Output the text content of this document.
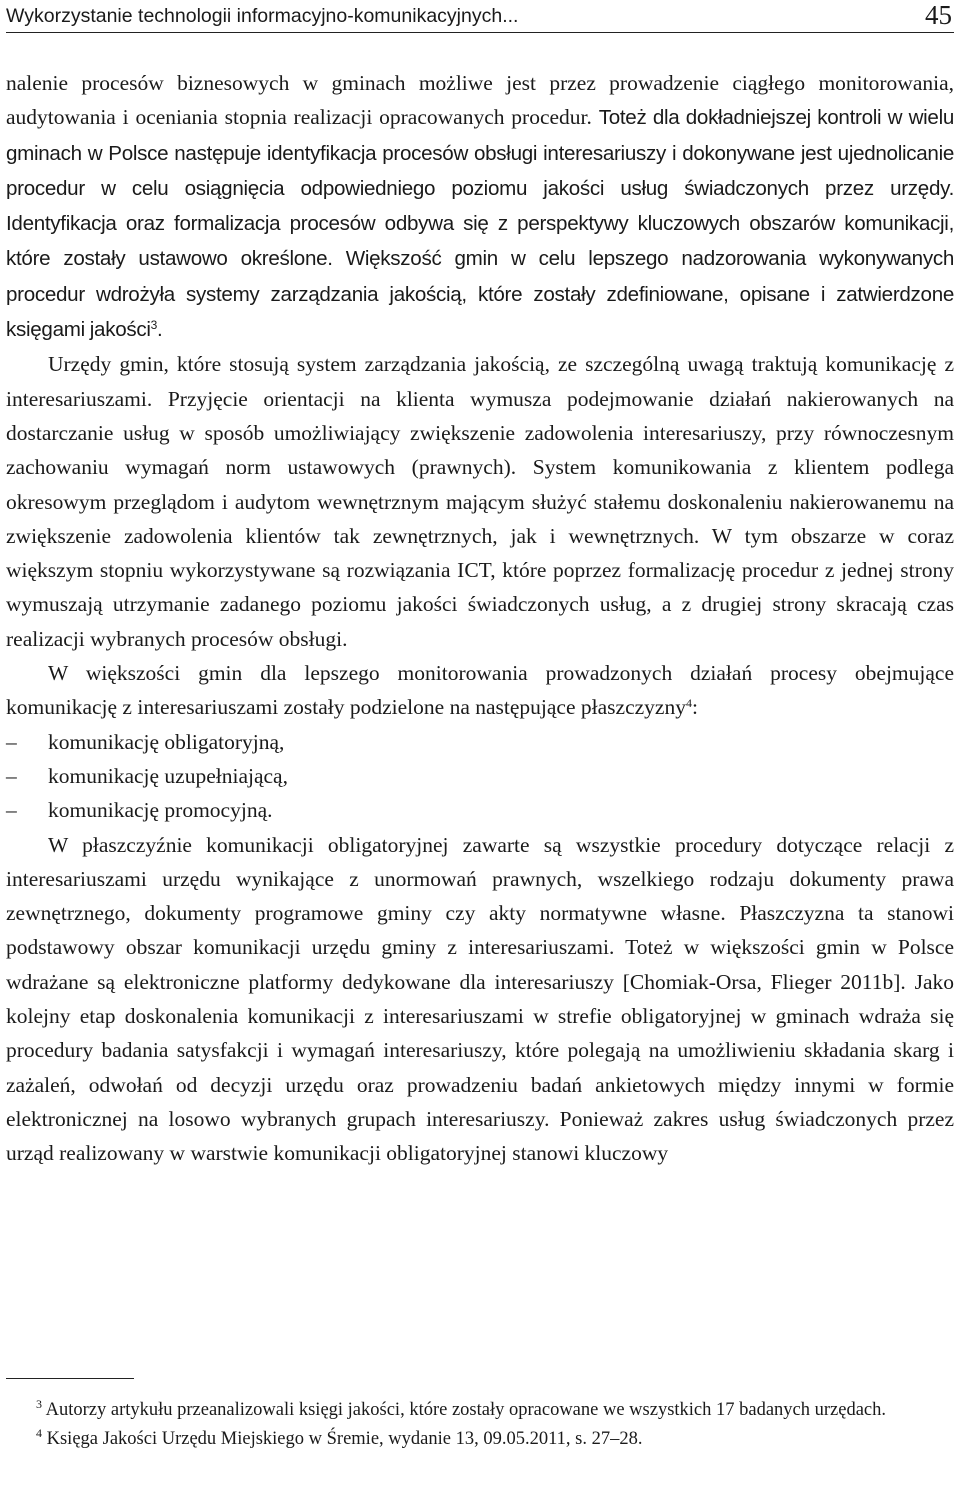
Wykorzystanie technologii informacyjno-komunikacyjnych...	45

nalenie procesów biznesowych w gminach możliwe jest przez prowadzenie ciągłego monitorowania, audytowania i oceniania stopnia realizacji opracowanych procedur. Toteż dla dokładniejszej kontroli w wielu gminach w Polsce następuje identyfikacja procesów obsługi interesariuszy i dokonywane jest ujednolicanie procedur w celu osiągnięcia odpowiedniego poziomu jakości usług świadczonych przez urzędy. Identyfikacja oraz formalizacja procesów odbywa się z perspektywy kluczowych obszarów komunikacji, które zostały ustawowo określone. Większość gmin w celu lepszego nadzorowania wykonywanych procedur wdrożyła systemy zarządzania jakością, które zostały zdefiniowane, opisane i zatwierdzone księgami jakości$^3$.

Urzędy gmin, które stosują system zarządzania jakością, ze szczególną uwagą traktują komunikację z interesariuszami. Przyjęcie orientacji na klienta wymusza podejmowanie działań nakierowanych na dostarczanie usług w sposób umożliwiający zwiększenie zadowolenia interesariuszy, przy równoczesnym zachowaniu wymagań norm ustawowych (prawnych). System komunikowania z klientem podlega okresowym przeglądom i audytom wewnętrznym mającym służyć stałemu doskonaleniu nakierowanemu na zwiększenie zadowolenia klientów tak zewnętrznych, jak i wewnętrznych. W tym obszarze w coraz większym stopniu wykorzystywane są rozwiązania ICT, które poprzez formalizację procedur z jednej strony wymuszają utrzymanie zadanego poziomu jakości świadczonych usług, a z drugiej strony skracają czas realizacji wybranych procesów obsługi.

W większości gmin dla lepszego monitorowania prowadzonych działań procesy obejmujące komunikację z interesariuszami zostały podzielone na następujące płaszczyzny$^4$:

– komunikację obligatoryjną,
– komunikację uzupełniającą,
– komunikację promocyjną.

W płaszczyźnie komunikacji obligatoryjnej zawarte są wszystkie procedury dotyczące relacji z interesariuszami urzędu wynikające z unormowań prawnych, wszelkiego rodzaju dokumenty prawa zewnętrznego, dokumenty programowe gminy czy akty normatywne własne. Płaszczyzna ta stanowi podstawowy obszar komunikacji urzędu gminy z interesariuszami. Toteż w większości gmin w Polsce wdrażane są elektroniczne platformy dedykowane dla interesariuszy [Chomiak-Orsa, Flieger 2011b]. Jako kolejny etap doskonalenia komunikacji z interesariuszami w strefie obligatoryjnej w gminach wdraża się procedury badania satysfakcji i wymagań interesariuszy, które polegają na umożliwieniu składania skarg i zażaleń, odwołań od decyzji urzędu oraz prowadzeniu badań ankietowych między innymi w formie elektronicznej na losowo wybranych grupach interesariuszy. Ponieważ zakres usług świadczonych przez urząd realizowany w warstwie komunikacji obligatoryjnej stanowi kluczowy

$^3$ Autorzy artykułu przeanalizowali księgi jakości, które zostały opracowane we wszystkich 17 badanych urzędach.

$^4$ Księga Jakości Urzędu Miejskiego w Śremie, wydanie 13, 09.05.2011, s. 27–28.
